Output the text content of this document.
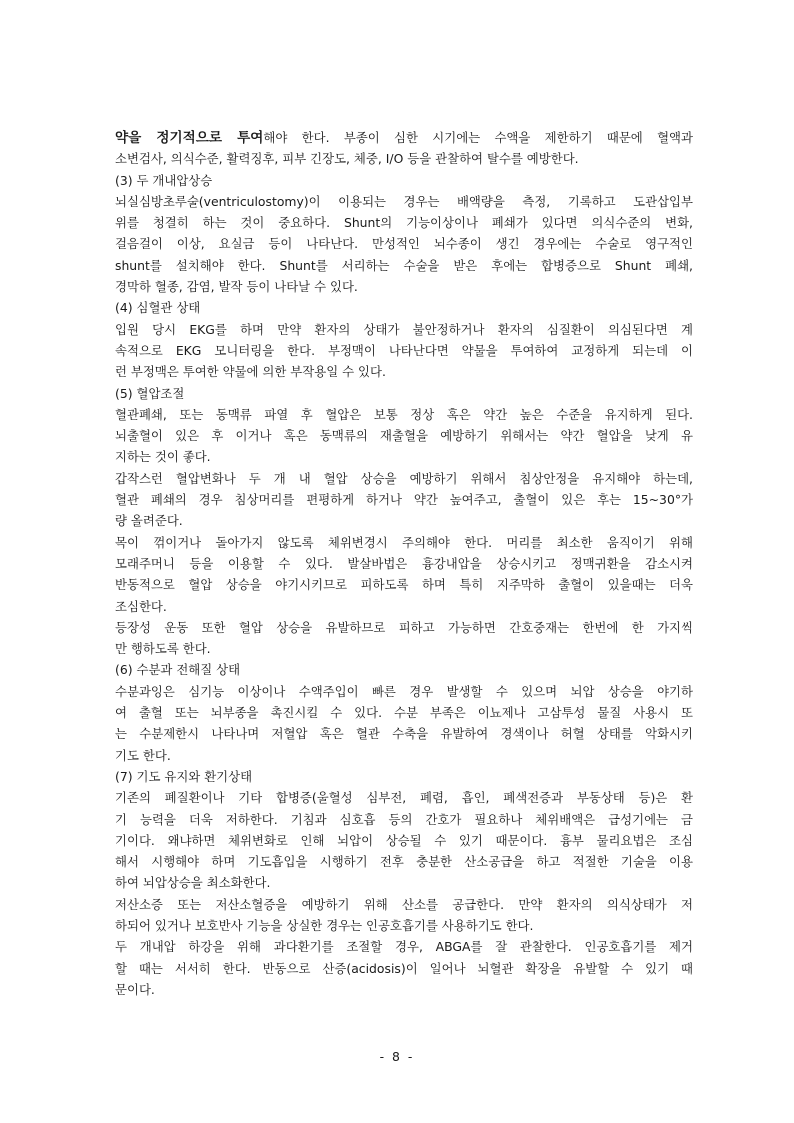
약을 정기적으로 투여해야 한다. 부종이 심한 시기에는 수액을 제한하기 때문에 혈액과
소변검사, 의식수준, 활력징후, 피부 긴장도, 체중, I/O 등을 관찰하여 탈수를 예방한다.
(3) 두 개내압상승
뇌실심방초루술(ventriculostomy)이 이용되는 경우는 배액량을 측정, 기록하고 도관삽입부
위를 청결히 하는 것이 중요하다. Shunt의 기능이상이나 폐쇄가 있다면 의식수준의 변화,
걸음걸이 이상, 요실금 등이 나타난다. 만성적인 뇌수종이 생긴 경우에는 수술로 영구적인
shunt를 설치해야 한다. Shunt를 서리하는 수술을 받은 후에는 합병증으로 Shunt 폐쇄,
경막하 혈종, 감염, 발작 등이 나타날 수 있다.
(4) 심혈관 상태
입원 당시 EKG를 하며 만약 환자의 상태가 불안정하거나 환자의 심질환이 의심된다면 계
속적으로 EKG 모니터링을 한다. 부정맥이 나타난다면 약물을 투여하여 교정하게 되는데 이
런 부정맥은 투여한 약물에 의한 부작용일 수 있다.
(5) 혈압조절
혈관폐쇄, 또는 동맥류 파열 후 혈압은 보통 정상 혹은 약간 높은 수준을 유지하게 된다.
뇌출혈이 있은 후 이거나 혹은 동맥류의 재출혈을 예방하기 위해서는 약간 혈압을 낮게 유
지하는 것이 좋다.
갑작스런 혈압변화나 두 개 내 혈압 상승을 예방하기 위해서 침상안정을 유지해야 하는데,
혈관 폐쇄의 경우 침상머리를 편평하게 하거나 약간 높여주고, 출혈이 있은 후는 15~30°가
량 올려준다.
목이 꺾이거나 돌아가지 않도록 체위변경시 주의해야 한다. 머리를 최소한 움직이기 위해
모래주머니 등을 이용할 수 있다. 발살바법은 흉강내압을 상승시키고 정맥귀환을 감소시켜
반동적으로 혈압 상승을 야기시키므로 피하도록 하며 특히 지주막하 출혈이 있을때는 더욱
조심한다.
등장성 운동 또한 혈압 상승을 유발하므로 피하고 가능하면 간호중재는 한번에 한 가지씩
만 행하도록 한다.
(6) 수분과 전해질 상태
수분과잉은 심기능 이상이나 수액주입이 빠른 경우 발생할 수 있으며 뇌압 상승을 야기하
여 출혈 또는 뇌부종을 촉진시킬 수 있다. 수분 부족은 이뇨제나 고삼투성 물질 사용시 또
는 수분제한시 나타나며 저혈압 혹은 혈관 수축을 유발하여 경색이나 허혈 상태를 악화시키
기도 한다.
(7) 기도 유지와 환기상태
기존의 폐질환이나 기타 합병증(울혈성 심부전, 폐렴, 흡인, 폐색전증과 부동상태 등)은 환
기 능력을 더욱 저하한다. 기침과 심호흡 등의 간호가 필요하나 체위배액은 급성기에는 금
기이다. 왜냐하면 체위변화로 인해 뇌압이 상승될 수 있기 때문이다. 흉부 물리요법은 조심
해서 시행해야 하며 기도흡입을 시행하기 전후 충분한 산소공급을 하고 적절한 기술을 이용
하여 뇌압상승을 최소화한다.
저산소증 또는 저산소혈증을 예방하기 위해 산소를 공급한다. 만약 환자의 의식상태가 저
하되어 있거나 보호반사 기능을 상실한 경우는 인공호흡기를 사용하기도 한다.
두 개내압 하강을 위해 과다환기를 조절할 경우, ABGA를 잘 관찰한다. 인공호흡기를 제거
할 때는 서서히 한다. 반동으로 산증(acidosis)이 일어나 뇌혈관 확장을 유발할 수 있기 때
문이다.
- 8 -
